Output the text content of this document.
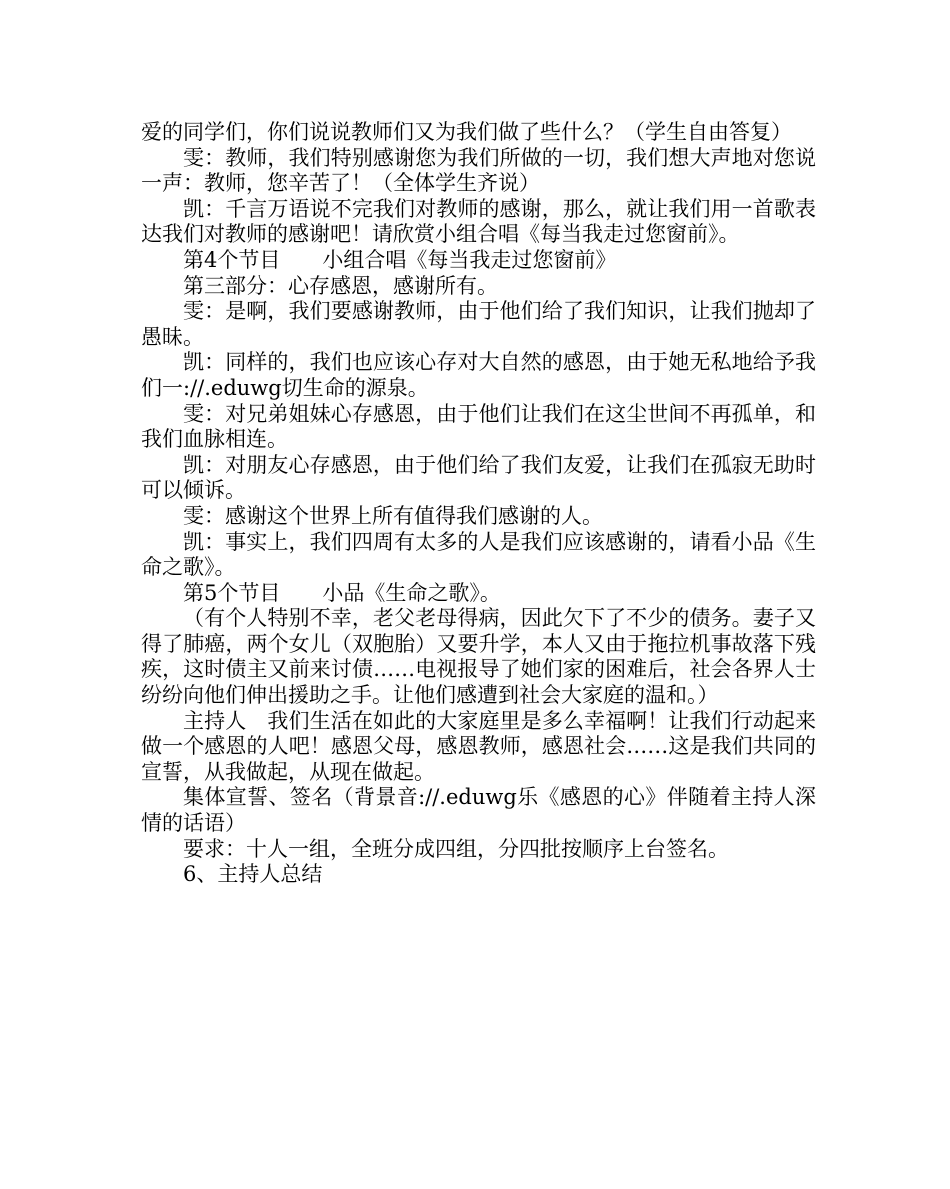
爱的同学们，你们说说教师们又为我们做了些什么？（学生自由答复）

雯：教师，我们特别感谢您为我们所做的一切，我们想大声地对您说一声：教师，您辛苦了！（全体学生齐说）

凯：千言万语说不完我们对教师的感谢，那么，就让我们用一首歌表达我们对教师的感谢吧！请欣赏小组合唱《每当我走过您窗前》。

第4个节目　　小组合唱《每当我走过您窗前》

第三部分：心存感恩，感谢所有。

雯：是啊，我们要感谢教师，由于他们给了我们知识，让我们抛却了愚昧。

凯：同样的，我们也应该心存对大自然的感恩，由于她无私地给予我们一://.eduwg切生命的源泉。

雯：对兄弟姐妹心存感恩，由于他们让我们在这尘世间不再孤单，和我们血脉相连。

凯：对朋友心存感恩，由于他们给了我们友爱，让我们在孤寂无助时可以倾诉。

雯：感谢这个世界上所有值得我们感谢的人。

凯：事实上，我们四周有太多的人是我们应该感谢的，请看小品《生命之歌》。

第5个节目　　小品《生命之歌》。

（有个人特别不幸，老父老母得病，因此欠下了不少的债务。妻子又得了肺癌，两个女儿（双胞胎）又要升学，本人又由于拖拉机事故落下残疾，这时债主又前来讨债……电视报导了她们家的困难后，社会各界人士纷纷向他们伸出援助之手。让他们感遭到社会大家庭的温和。）

主持人　我们生活在如此的大家庭里是多么幸福啊！让我们行动起来做一个感恩的人吧！感恩父母，感恩教师，感恩社会……这是我们共同的宣誓，从我做起，从现在做起。

集体宣誓、签名（背景音://.eduwg乐《感恩的心》伴随着主持人深情的话语）

要求：十人一组，全班分成四组，分四批按顺序上台签名。

6、主持人总结
